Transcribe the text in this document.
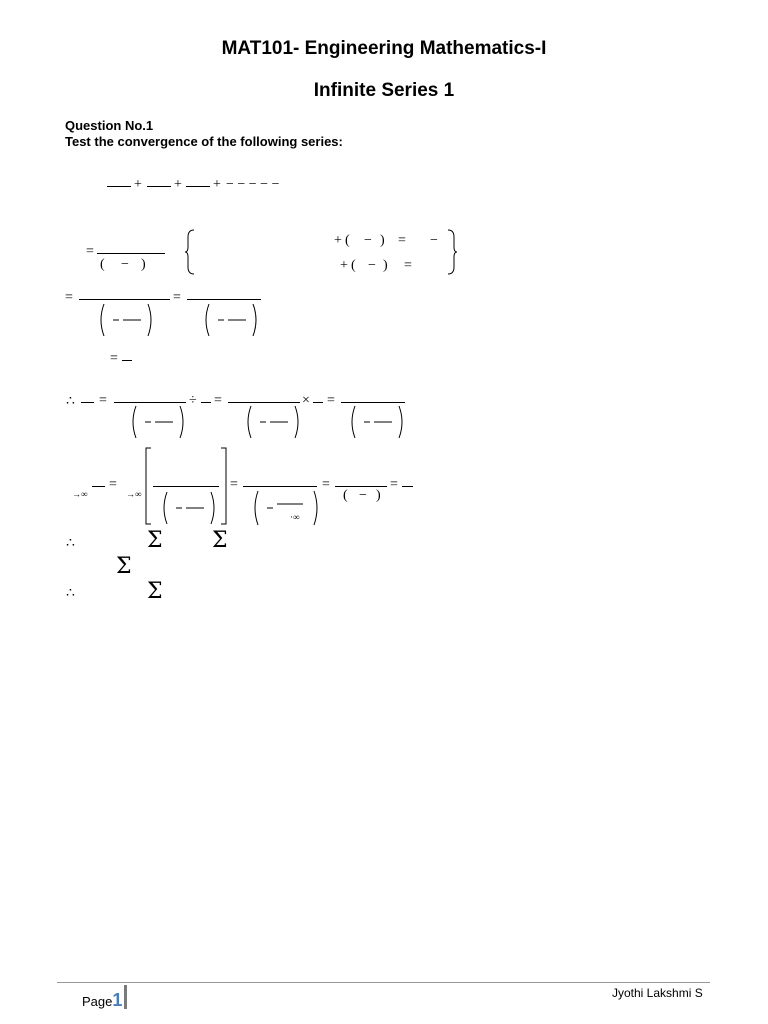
MAT101- Engineering Mathematics-I
Infinite Series 1
Question No.1
Test the convergence of the following series:
+ + + − − − − −
=
( − )
+ ( − ) = −
+ ( − ) =
=	=
=
∴ =	÷ =	× =
→∞
=
→∞
=
·∞
=
( − )
=
∴	Σ Σ
Σ
∴	Σ
Page1	Jyothi Lakshmi S
